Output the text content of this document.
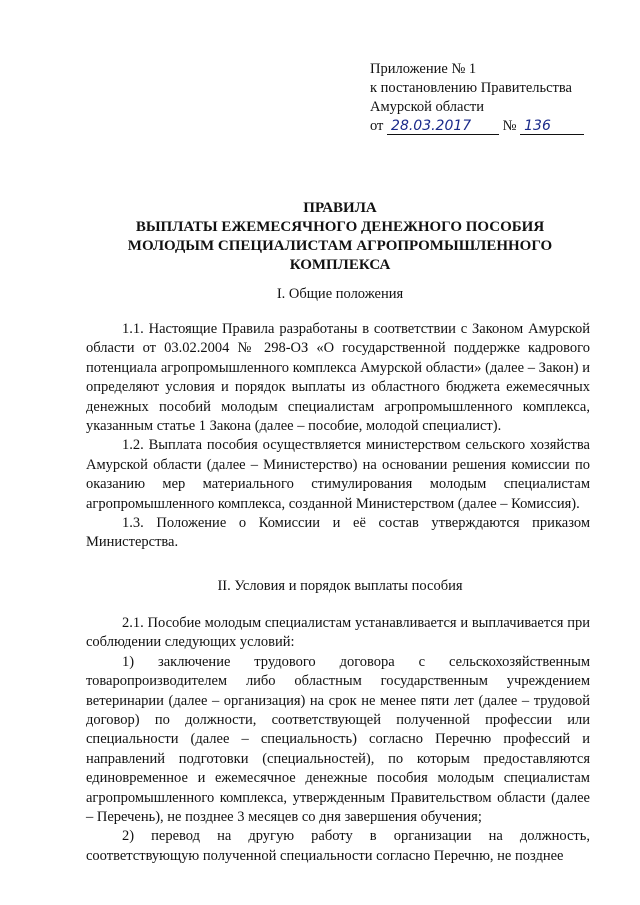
Приложение № 1
к постановлению Правительства
Амурской области
от 28.03.2017 № 136
ПРАВИЛА
ВЫПЛАТЫ ЕЖЕМЕСЯЧНОГО ДЕНЕЖНОГО ПОСОБИЯ
МОЛОДЫМ СПЕЦИАЛИСТАМ АГРОПРОМЫШЛЕННОГО
КОМПЛЕКСА
I. Общие положения

1.1. Настоящие Правила разработаны в соответствии с Законом Амурской области от 03.02.2004 № 298-ОЗ «О государственной поддержке кадрового потенциала агропромышленного комплекса Амурской области» (далее – Закон) и определяют условия и порядок выплаты из областного бюджета ежемесячных денежных пособий молодым специалистам агропромышленного комплекса, указанным статье 1 Закона (далее – пособие, молодой специалист).

1.2. Выплата пособия осуществляется министерством сельского хозяйства Амурской области (далее – Министерство) на основании решения комиссии по оказанию мер материального стимулирования молодым специалистам агропромышленного комплекса, созданной Министерством (далее – Комиссия).

1.3. Положение о Комиссии и её состав утверждаются приказом Министерства.

II. Условия и порядок выплаты пособия

2.1. Пособие молодым специалистам устанавливается и выплачивается при соблюдении следующих условий:

1) заключение трудового договора с сельскохозяйственным товаропроизводителем либо областным государственным учреждением ветеринарии (далее – организация) на срок не менее пяти лет (далее – трудовой договор) по должности, соответствующей полученной профессии или специальности (далее – специальность) согласно Перечню профессий и направлений подготовки (специальностей), по которым предоставляются единовременное и ежемесячное денежные пособия молодым специалистам агропромышленного комплекса, утвержденным Правительством области (далее – Перечень), не позднее 3 месяцев со дня завершения обучения;

2) перевод на другую работу в организации на должность, соответствующую полученной специальности согласно Перечню, не позднее
